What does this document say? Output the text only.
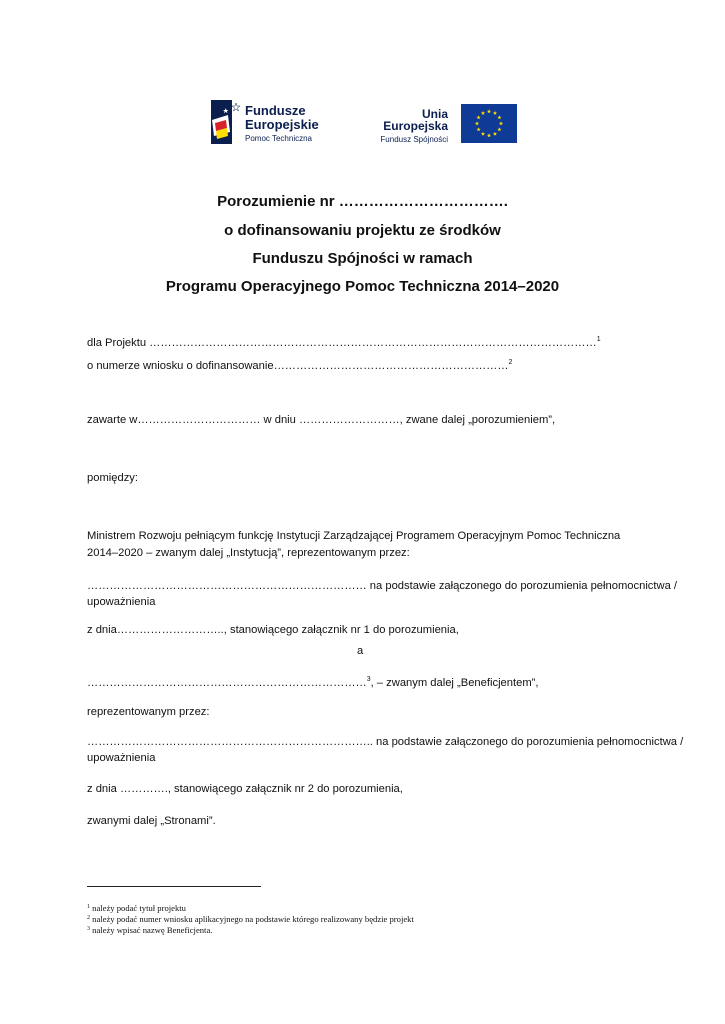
Fundusze
Europejskie
Pomoc Techniczna
Unia Europejska
Fundusz Spójności
Porozumienie nr …………………………….
o dofinansowaniu projektu ze środków
Funduszu Spójności w ramach
Programu Operacyjnego Pomoc Techniczna 2014–2020
dla Projektu …………………………………………………………………………………………………………$^1$
o numerze wniosku o dofinansowanie………………………………………………………$^2$
zawarte w…………………………… w dniu ………………………, zwane dalej „porozumieniem”,
pomiędzy:
Ministrem Rozwoju pełniącym funkcję Instytucji Zarządzającej Programem Operacyjnym Pomoc Techniczna
2014–2020 – zwanym dalej „Instytucją”, reprezentowanym przez:
………………………………………………………………… na podstawie załączonego do porozumienia pełnomocnictwa /
upoważnienia
z dnia……………………….., stanowiącego załącznik nr 1 do porozumienia,
a
…………………………………………………………………$^3$, – zwanym dalej „Beneficjentem”,
reprezentowanym przez:
………………………………………………………………….. na podstawie załączonego do porozumienia pełnomocnictwa /
upoważnienia
z dnia …………., stanowiącego załącznik nr 2 do porozumienia,
zwanymi dalej „Stronami”.
$^1$ należy podać tytuł projektu
$^2$ należy podać numer wniosku aplikacyjnego na podstawie którego realizowany będzie projekt
$^3$ należy wpisać nazwę Beneficjenta.
